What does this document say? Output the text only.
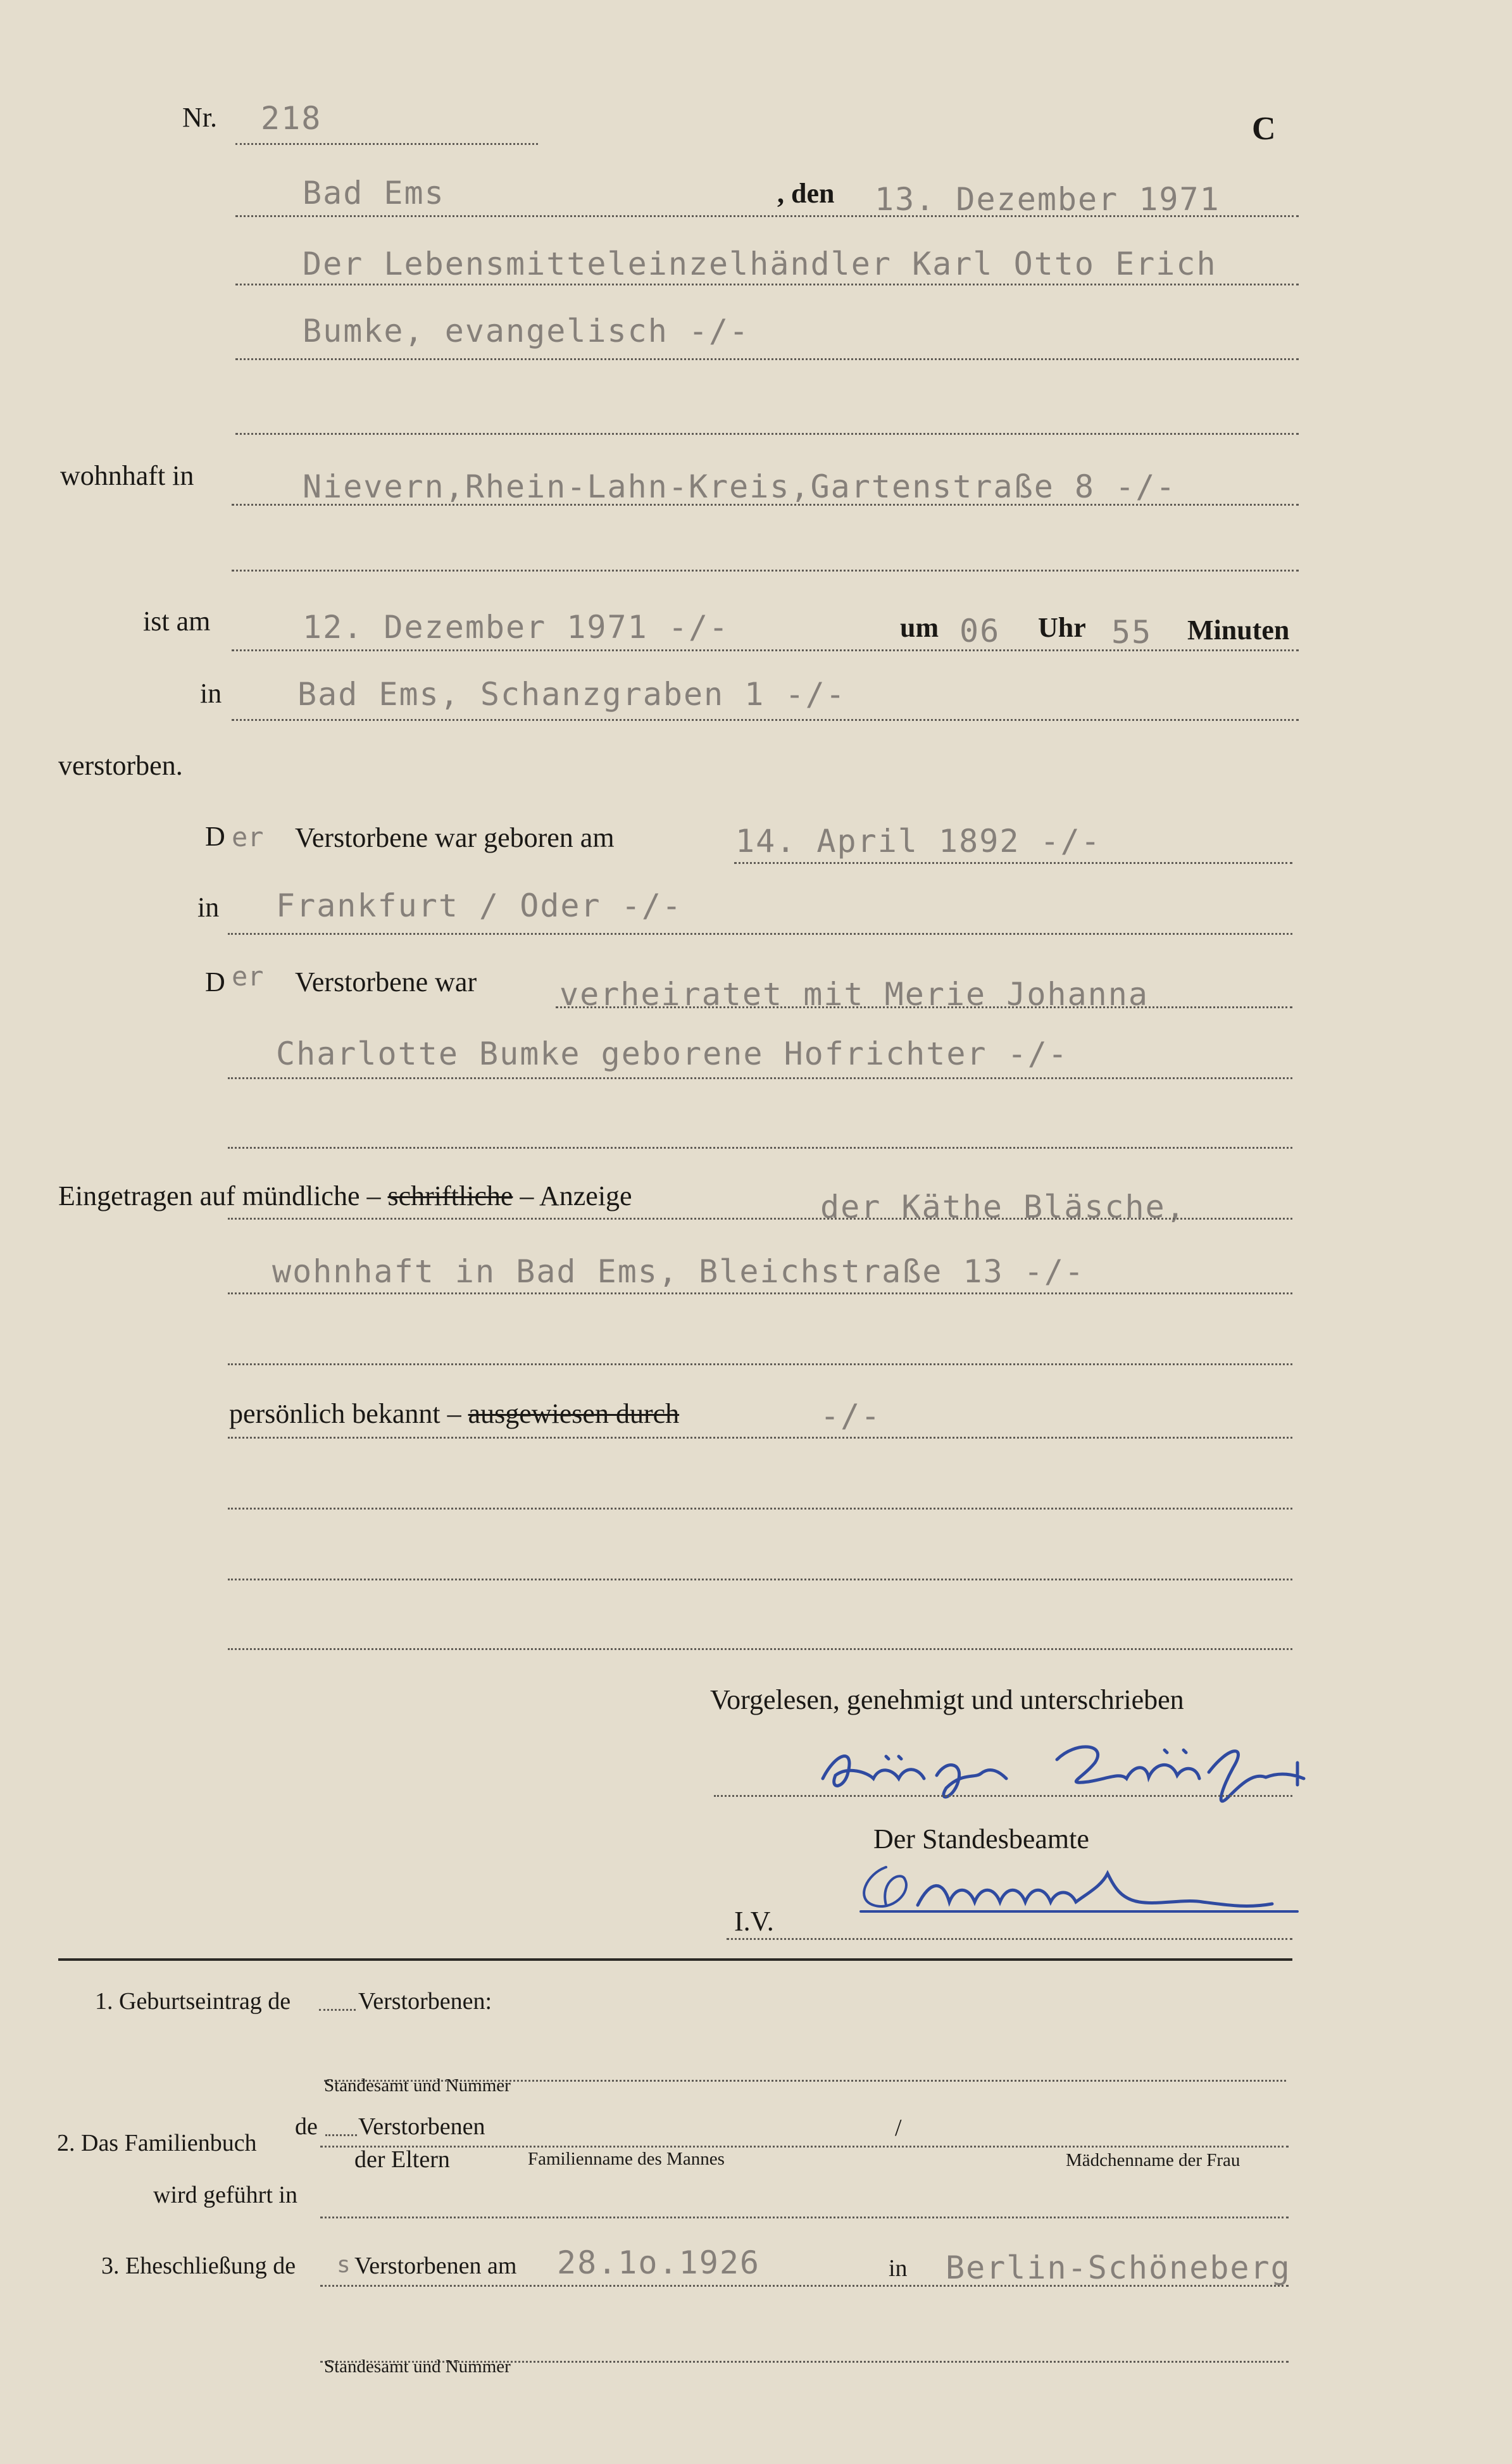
Nr. 218	C
Bad Ems	, den 13. Dezember 1971
Der Lebensmitteleinzelhändler Karl Otto Erich
Bumke, evangelisch -/-
wohnhaft in	Nievern,Rhein-Lahn-Kreis,Gartenstraße 8 -/-
ist am	12. Dezember 1971 -/-	um 06 Uhr 55 Minuten
in Bad Ems, Schanzgraben 1 -/-
verstorben.
D er Verstorbene war geboren am	14. April 1892 -/-
in Frankfurt / Oder -/-
D er Verstorbene war	verheiratet mit Merie Johanna
Charlotte Bumke geborene Hofrichter -/-
Eingetragen auf mündliche – schriftliche – Anzeige	der Käthe Bläsche,
wohnhaft in Bad Ems, Bleichstraße 13 -/-
persönlich bekannt – ausgewiesen durch	-/-
Vorgelesen, genehmigt und unterschrieben
Der Standesbeamte
I.V.
1. Geburtseintrag de	Verstorbenen:
Standesamt und Nummer
de Verstorbenen	/
2. Das Familienbuch
der Eltern	Familienname des Mannes	Mädchenname der Frau
wird geführt in
3. Eheschließung de s Verstorbenen am 28.1o.1926	in Berlin-Schöneberg
Standesamt und Nummer
